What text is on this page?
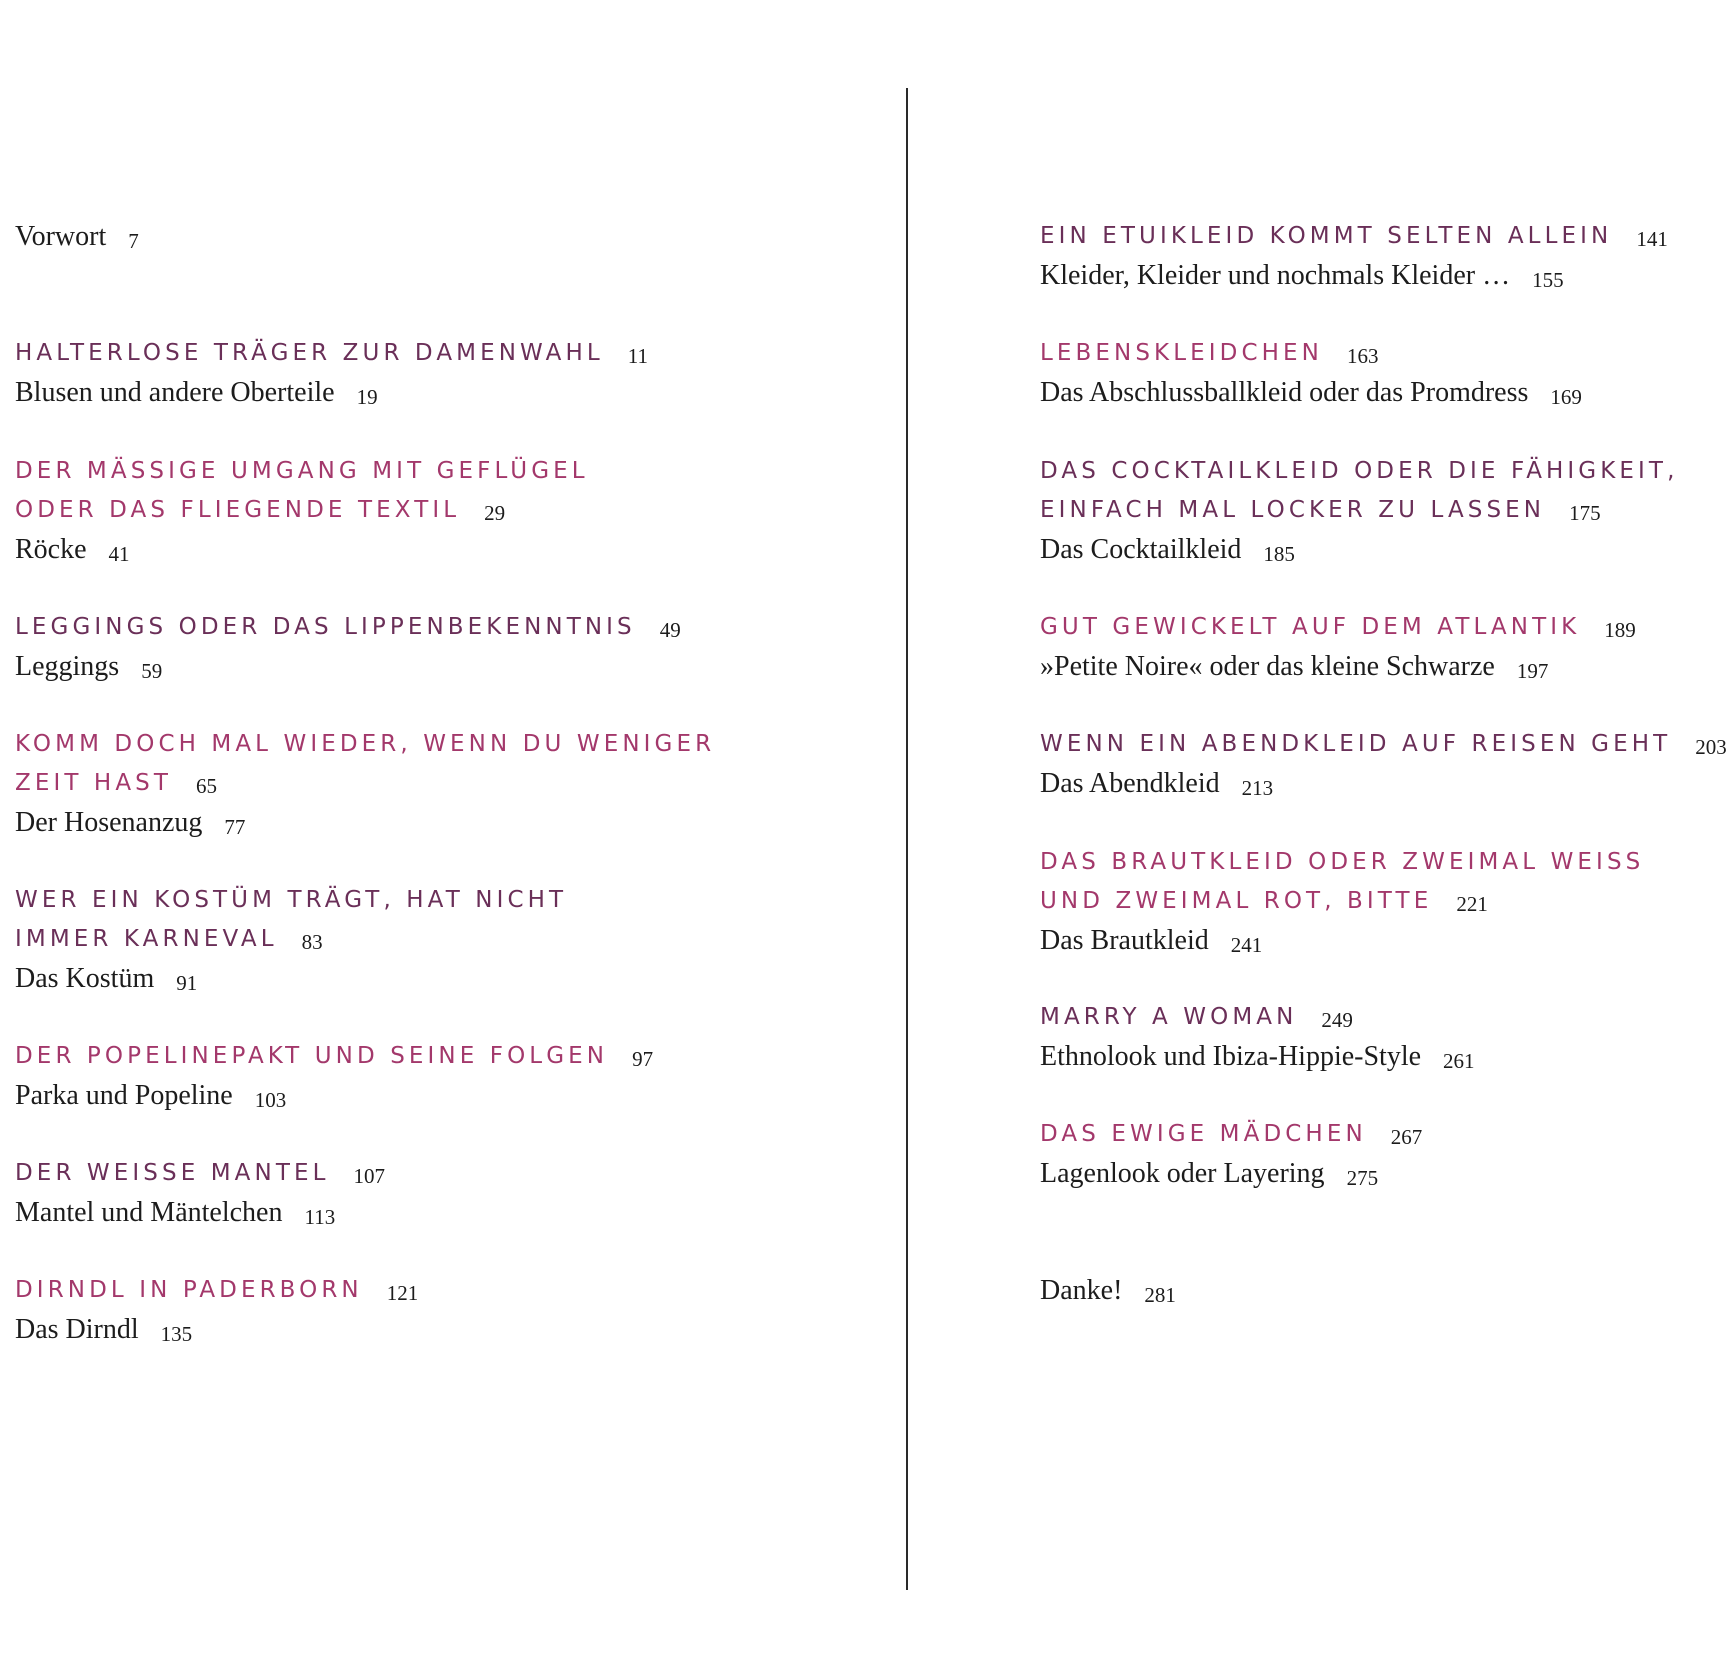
Vorwort 7
HALTERLOSE TRÄGER ZUR DAMENWAHL 11
Blusen und andere Oberteile 19
DER MÄSSIGE UMGANG MIT GEFLÜGEL
ODER DAS FLIEGENDE TEXTIL 29
Röcke 41
LEGGINGS ODER DAS LIPPENBEKENNTNIS 49
Leggings 59
KOMM DOCH MAL WIEDER, WENN DU WENIGER
ZEIT HAST 65
Der Hosenanzug 77
WER EIN KOSTÜM TRÄGT, HAT NICHT
IMMER KARNEVAL 83
Das Kostüm 91
DER POPELINEPAKT UND SEINE FOLGEN 97
Parka und Popeline 103
DER WEISSE MANTEL 107
Mantel und Mäntelchen 113
DIRNDL IN PADERBORN 121
Das Dirndl 135
EIN ETUIKLEID KOMMT SELTEN ALLEIN 141
Kleider, Kleider und nochmals Kleider … 155
LEBENSKLEIDCHEN 163
Das Abschlussballkleid oder das Promdress 169
DAS COCKTAILKLEID ODER DIE FÄHIGKEIT,
EINFACH MAL LOCKER ZU LASSEN 175
Das Cocktailkleid 185
GUT GEWICKELT AUF DEM ATLANTIK 189
»Petite Noire« oder das kleine Schwarze 197
WENN EIN ABENDKLEID AUF REISEN GEHT 203
Das Abendkleid 213
DAS BRAUTKLEID ODER ZWEIMAL WEISS
UND ZWEIMAL ROT, BITTE 221
Das Brautkleid 241
MARRY A WOMAN 249
Ethnolook und Ibiza-Hippie-Style 261
DAS EWIGE MÄDCHEN 267
Lagenlook oder Layering 275
Danke! 281
